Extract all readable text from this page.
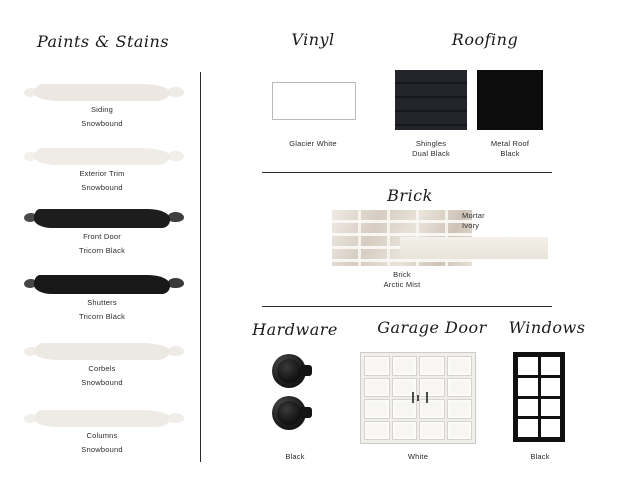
Paints & Stains
Siding
Snowbound
Exterior Trim
Snowbound
Front Door
Tricorn Black
Shutters
Tricorn Black
Corbels
Snowbound
Columns
Snowbound
Vinyl
Glacier White
Roofing
Shingles
Dual Black
Metal Roof
Black
Brick
Mortar
Ivory
Brick
Arctic Mist
Hardware
Black
Garage Door
White
Windows
Black
